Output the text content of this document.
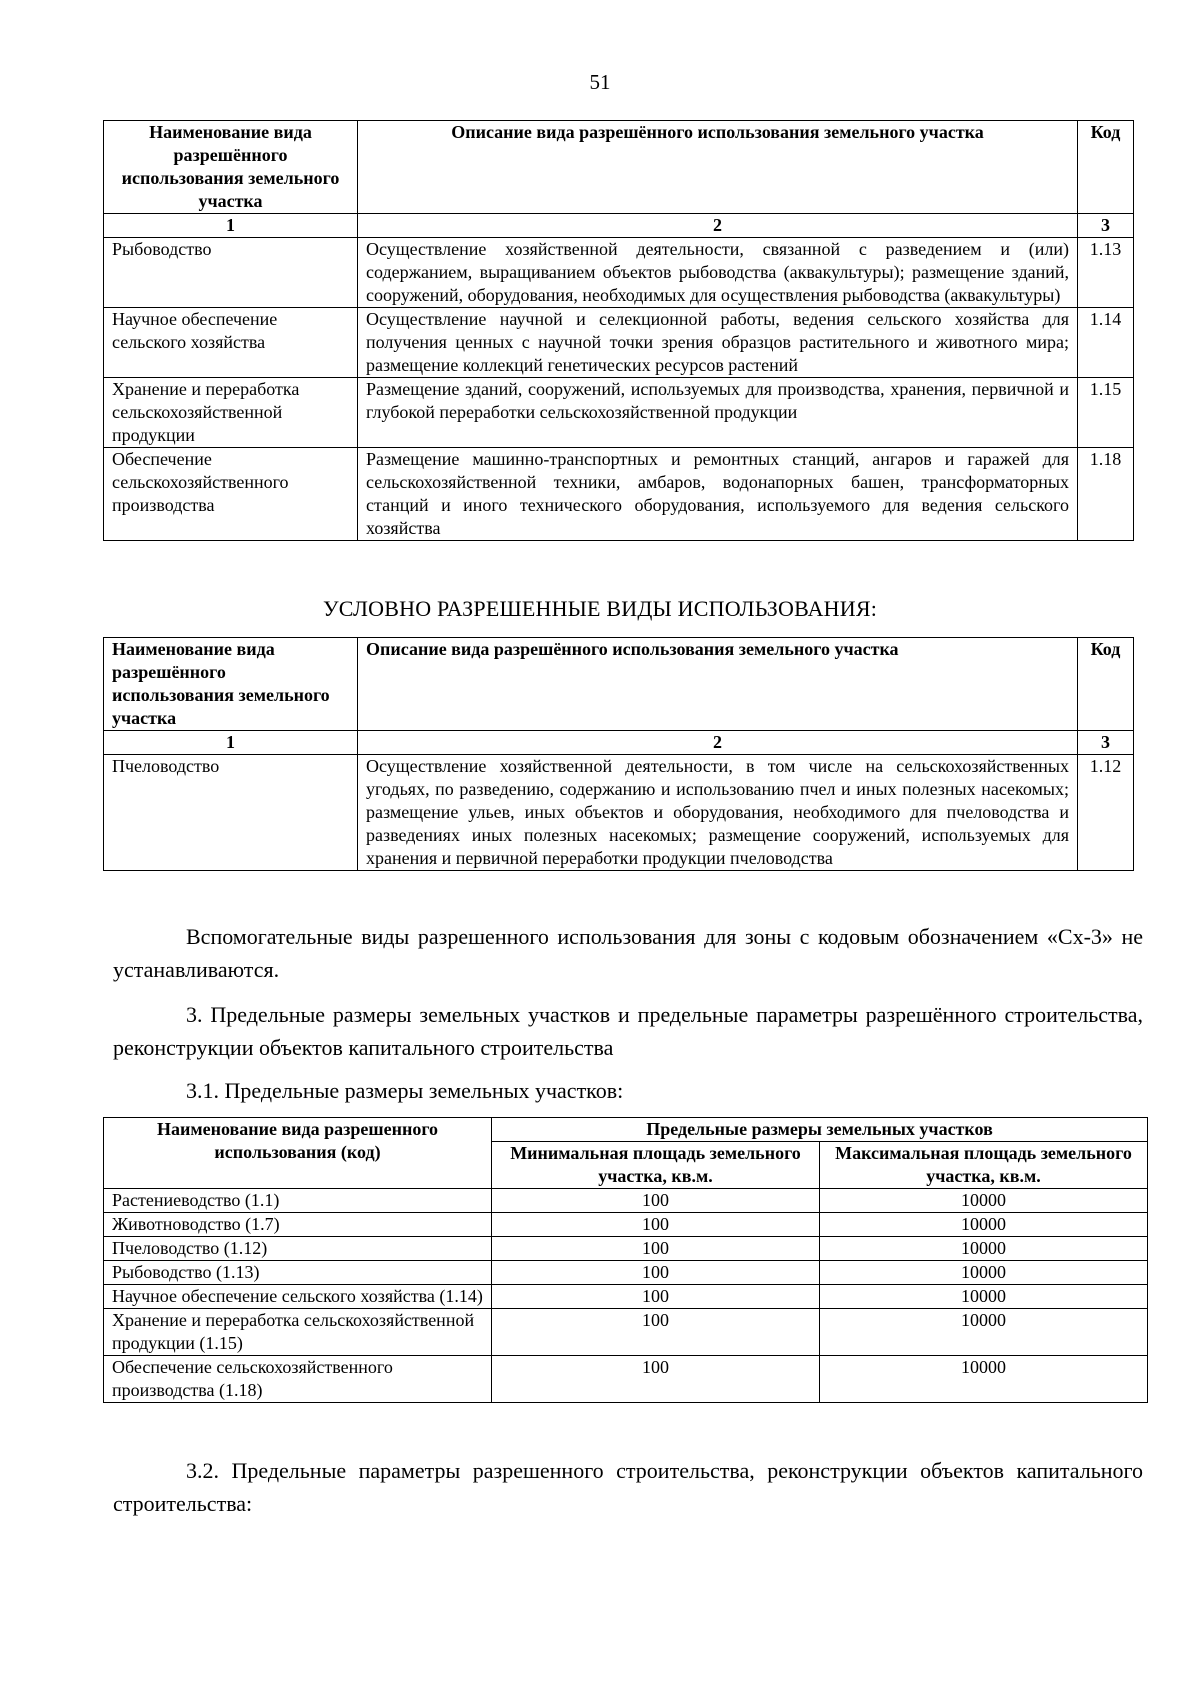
51
Наименование вида разрешённого использования земельного участка	Описание вида разрешённого использования земельного участка	Код
1	2	3
Рыбоводство	Осуществление хозяйственной деятельности, связанной с разведением и (или) содержанием, выращиванием объектов рыбоводства (аквакультуры); размещение зданий, сооружений, оборудования, необходимых для осуществления рыбоводства (аквакультуры)	1.13
Научное обеспечение сельского хозяйства	Осуществление научной и селекционной работы, ведения сельского хозяйства для получения ценных с научной точки зрения образцов растительного и животного мира; размещение коллекций генетических ресурсов растений	1.14
Хранение и переработка сельскохозяйственной продукции	Размещение зданий, сооружений, используемых для производства, хранения, первичной и глубокой переработки сельскохозяйственной продукции	1.15
Обеспечение сельскохозяйственного производства	Размещение машинно-транспортных и ремонтных станций, ангаров и гаражей для сельскохозяйственной техники, амбаров, водонапорных башен, трансформаторных станций и иного технического оборудования, используемого для ведения сельского хозяйства	1.18
УСЛОВНО РАЗРЕШЕННЫЕ ВИДЫ ИСПОЛЬЗОВАНИЯ:
Наименование вида разрешённого использования земельного участка	Описание вида разрешённого использования земельного участка	Код
1	2	3
Пчеловодство	Осуществление хозяйственной деятельности, в том числе на сельскохозяйственных угодьях, по разведению, содержанию и использованию пчел и иных полезных насекомых; размещение ульев, иных объектов и оборудования, необходимого для пчеловодства и разведениях иных полезных насекомых; размещение сооружений, используемых для хранения и первичной переработки продукции пчеловодства	1.12
Вспомогательные виды разрешенного использования для зоны с кодовым обозначением «Сх-3» не устанавливаются.
3. Предельные размеры земельных участков и предельные параметры разрешённого строительства, реконструкции объектов капитального строительства
3.1. Предельные размеры земельных участков:
Наименование вида разрешенного использования (код)	Предельные размеры земельных участков	
	Минимальная площадь земельного участка, кв.м.	Максимальная площадь земельного участка, кв.м.
Растениеводство (1.1)	100	10000
Животноводство (1.7)	100	10000
Пчеловодство (1.12)	100	10000
Рыбоводство (1.13)	100	10000
Научное обеспечение сельского хозяйства (1.14)	100	10000
Хранение и переработка сельскохозяйственной продукции (1.15)	100	10000
Обеспечение сельскохозяйственного производства (1.18)	100	10000
3.2. Предельные параметры разрешенного строительства, реконструкции объектов капитального строительства:
